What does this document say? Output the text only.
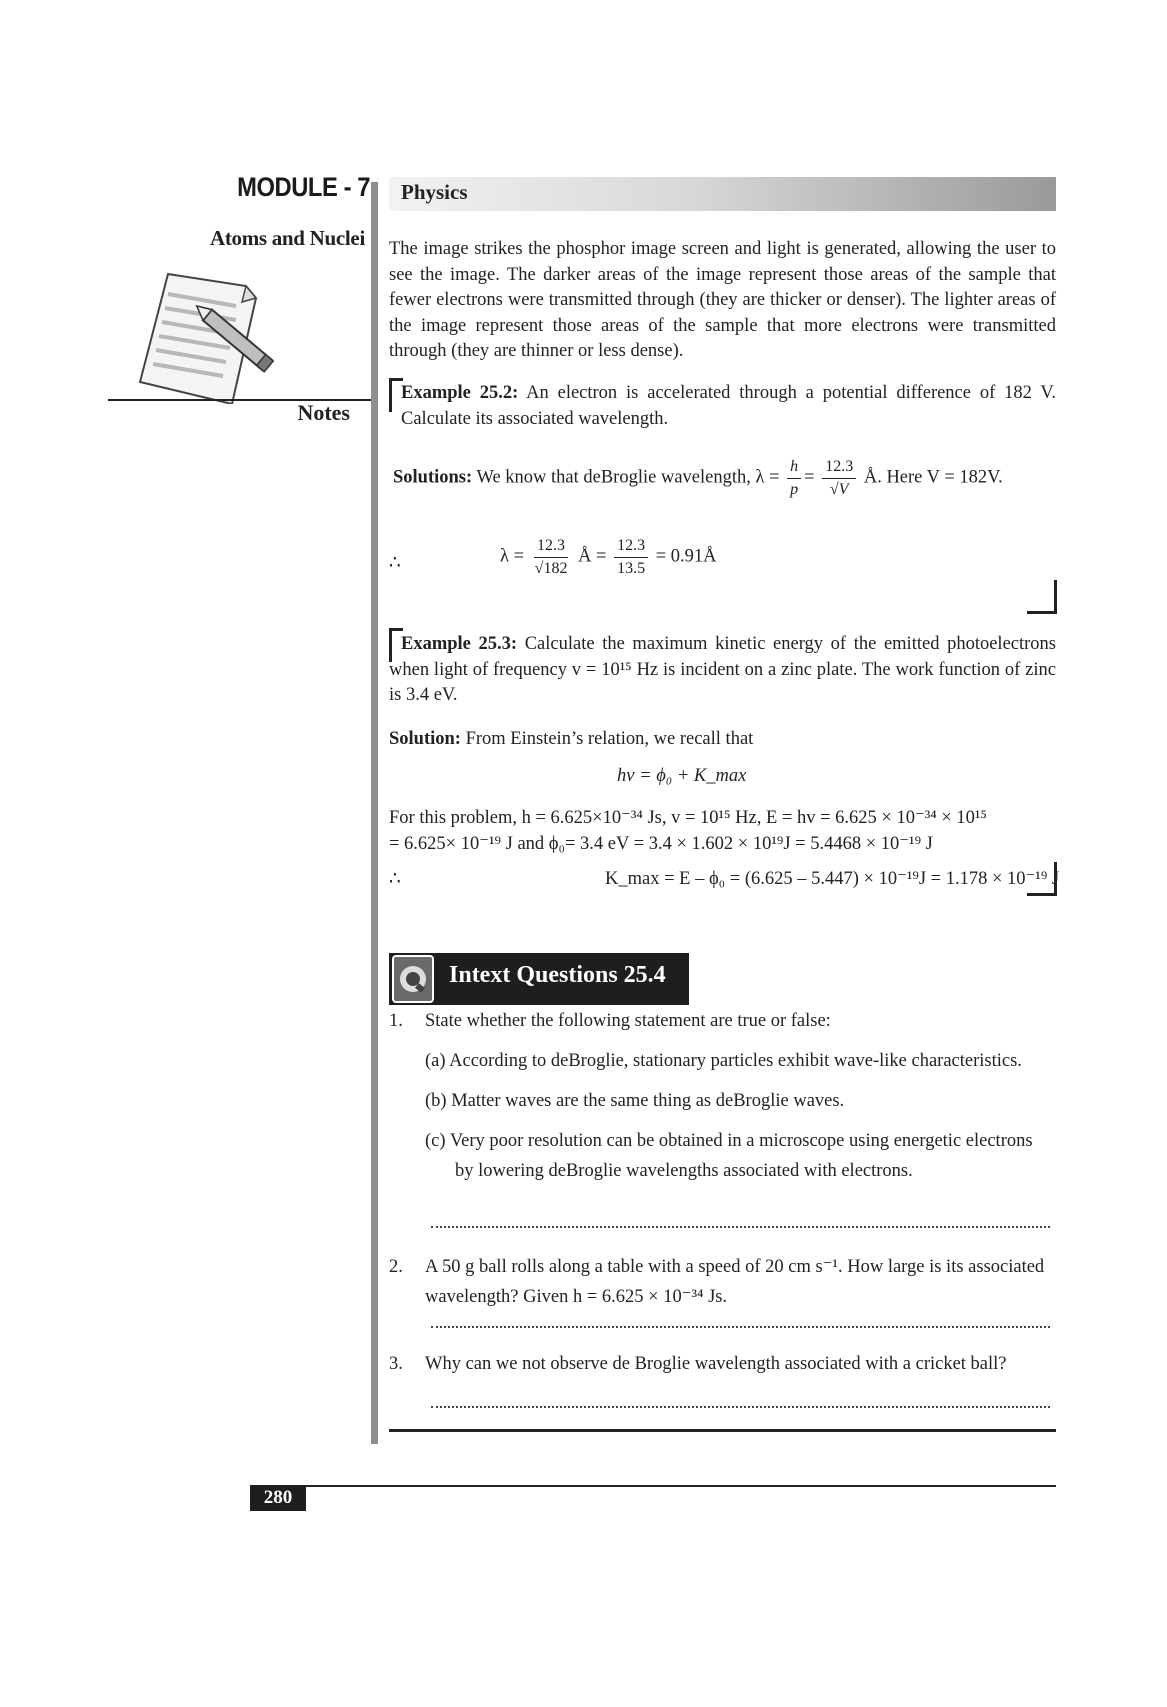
MODULE - 7
Atoms and Nuclei
Notes
Physics
The image strikes the phosphor image screen and light is generated, allowing the user to see the image. The darker areas of the image represent those areas of the sample that fewer electrons were transmitted through (they are thicker or denser). The lighter areas of the image represent those areas of the sample that more electrons were transmitted through (they are thinner or less dense).
Example 25.2: An electron is accelerated through a potential difference of 182 V. Calculate its associated wavelength.
Solutions: We know that deBroglie wavelength, $\lambda = \frac{h}{p} = \frac{12.3}{√V}$ Å. Here V = 182V.
∴	$\lambda = \frac{12.3}{√182}$ Å = $\frac{12.3}{13.5}$ = 0.91Å
Example 25.3: Calculate the maximum kinetic energy of the emitted photoelectrons when light of frequency v = 10¹⁵ Hz is incident on a zinc plate. The work function of zinc is 3.4 eV.
Solution: From Einstein’s relation, we recall that
hv = ϕ₀ + K_max
For this problem, h = 6.625×10⁻³⁴ Js, v = 10¹⁵ Hz, E = hv = 6.625 × 10⁻³⁴ × 10¹⁵
= 6.625× 10⁻¹⁹ J and ϕ₀= 3.4 eV = 3.4 × 1.602 × 10¹⁹J = 5.4468 × 10⁻¹⁹ J
∴	K_max = E – ϕ₀ = (6.625 – 5.447) × 10⁻¹⁹J = 1.178 × 10⁻¹⁹ J
Intext Questions 25.4
1. State whether the following statement are true or false:
(a) According to deBroglie, stationary particles exhibit wave-like characteristics.
(b) Matter waves are the same thing as deBroglie waves.
(c) Very poor resolution can be obtained in a microscope using energetic electrons
by lowering deBroglie wavelengths associated with electrons.
2. A 50 g ball rolls along a table with a speed of 20 cm s⁻¹. How large is its associated
wavelength? Given h = 6.625 × 10⁻³⁴ Js.
3. Why can we not observe de Broglie wavelength associated with a cricket ball?
280
